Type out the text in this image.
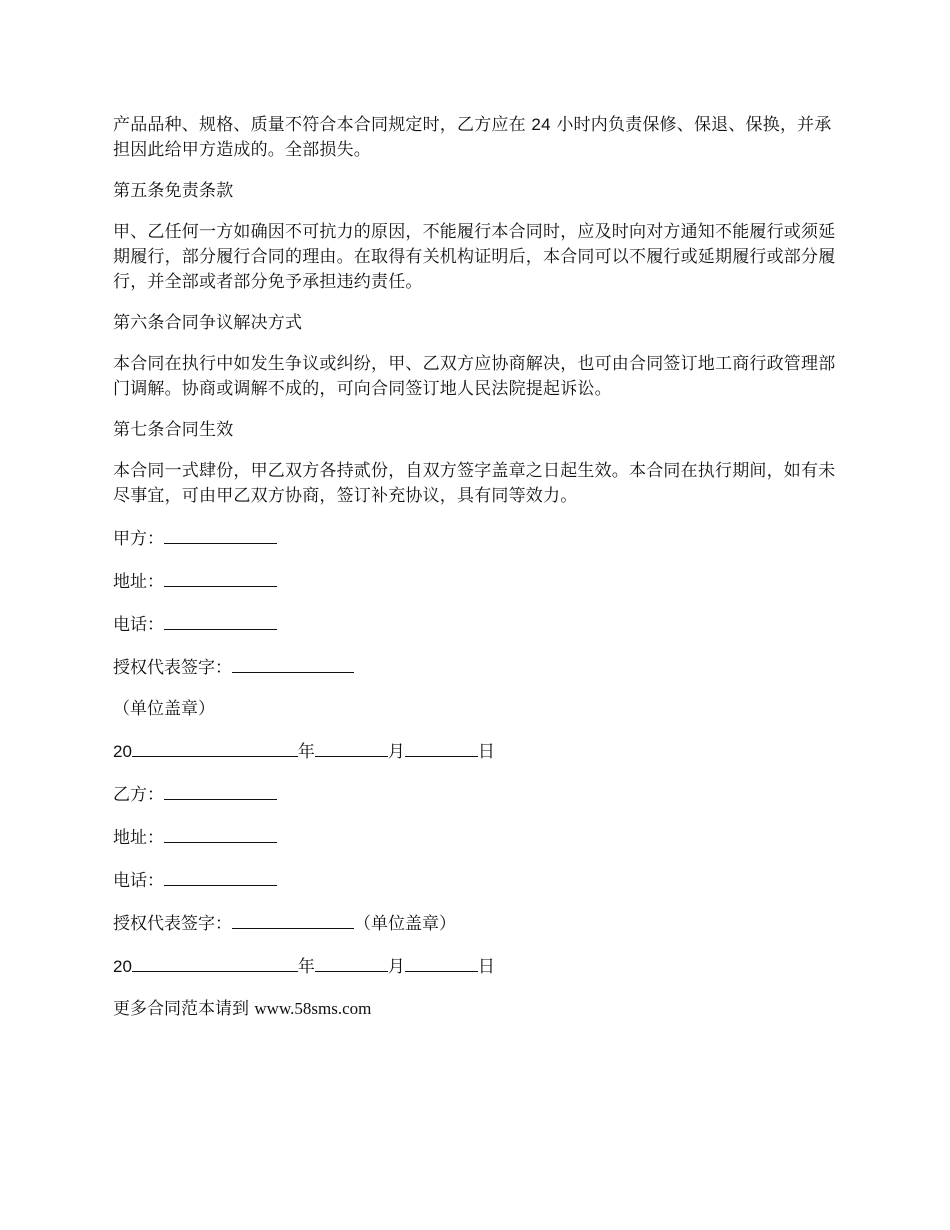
产品品种、规格、质量不符合本合同规定时，乙方应在 24 小时内负责保修、保退、保换，并承担因此给甲方造成的。全部损失。

第五条免责条款

甲、乙任何一方如确因不可抗力的原因，不能履行本合同时，应及时向对方通知不能履行或须延期履行，部分履行合同的理由。在取得有关机构证明后，本合同可以不履行或延期履行或部分履行，并全部或者部分免予承担违约责任。

第六条合同争议解决方式

本合同在执行中如发生争议或纠纷，甲、乙双方应协商解决，也可由合同签订地工商行政管理部门调解。协商或调解不成的，可向合同签订地人民法院提起诉讼。

第七条合同生效

本合同一式肆份，甲乙双方各持贰份，自双方签字盖章之日起生效。本合同在执行期间，如有未尽事宜，可由甲乙双方协商，签订补充协议，具有同等效力。

甲方：
地址：
电话：
授权代表签字：
（单位盖章）
20	年	月	日
乙方：
地址：
电话：
授权代表签字：	（单位盖章）
20	年	月	日
更多合同范本请到 www.58sms.com
